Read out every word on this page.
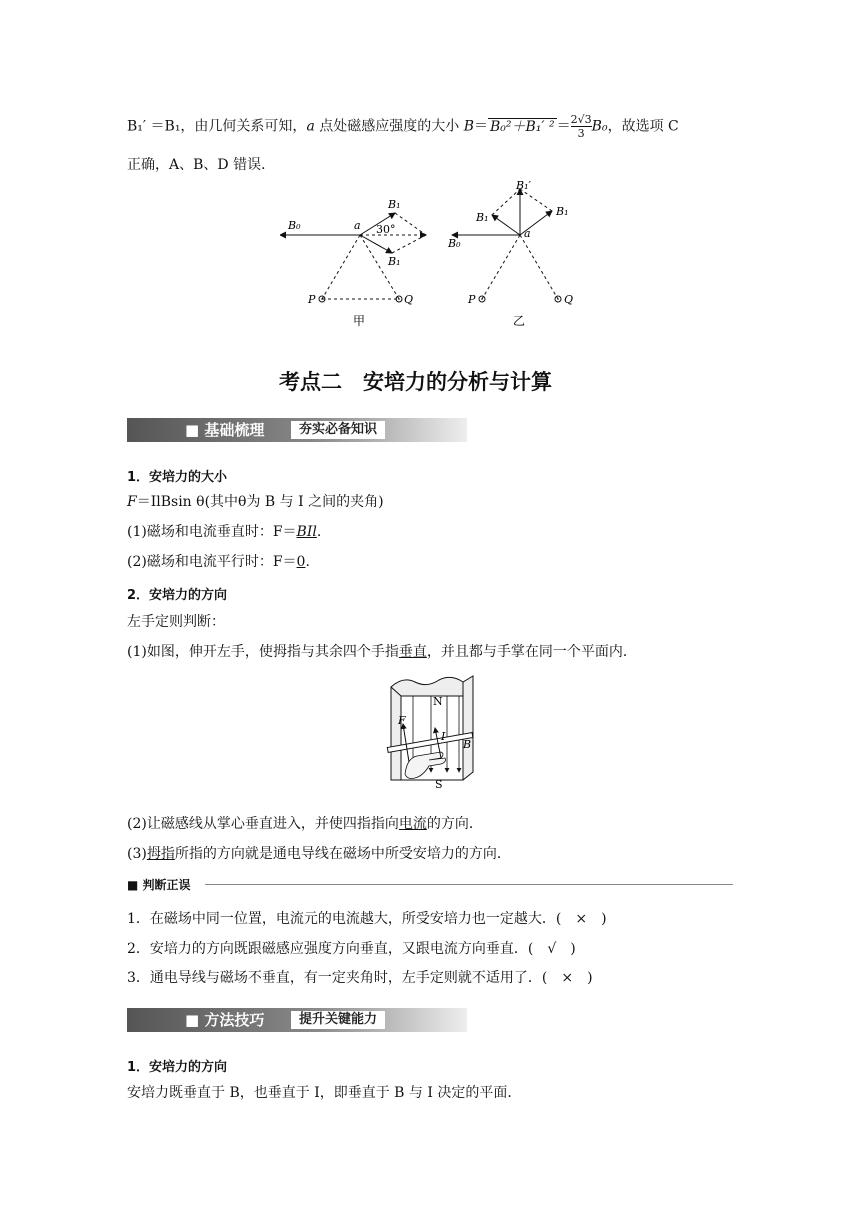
B₁′ ＝B₁，由几何关系可知，a 点处磁感应强度的大小 B＝ B₀²＋B₁′ $^2 = \frac{2√3}{3} B_0$，故选项 C
正确，A、B、D 错误．
B₀	a
B₁
B₁
30°
P	Q
甲
B₁′
B₁	B₁
a
B₀
P	Q
乙
考点二　安培力的分析与计算
■ 基础梳理	夯实必备知识
1．安培力的大小
F＝IlBsin θ(其中θ为 B 与 I 之间的夹角)
(1)磁场和电流垂直时：F＝BIl.
(2)磁场和电流平行时：F＝0.
2．安培力的方向
左手定则判断：
(1)如图，伸开左手，使拇指与其余四个手指垂直，并且都与手掌在同一个平面内．
N
F
I
B
S
(2)让磁感线从掌心垂直进入，并使四指指向电流的方向．
(3)拇指所指的方向就是通电导线在磁场中所受安培力的方向．
■ 判断正误
1．在磁场中同一位置，电流元的电流越大，所受安培力也一定越大．(　×　)
2．安培力的方向既跟磁感应强度方向垂直，又跟电流方向垂直．(　√　)
3．通电导线与磁场不垂直，有一定夹角时，左手定则就不适用了．(　×　)
■ 方法技巧	提升关键能力
1．安培力的方向
安培力既垂直于 B，也垂直于 I，即垂直于 B 与 I 决定的平面．
